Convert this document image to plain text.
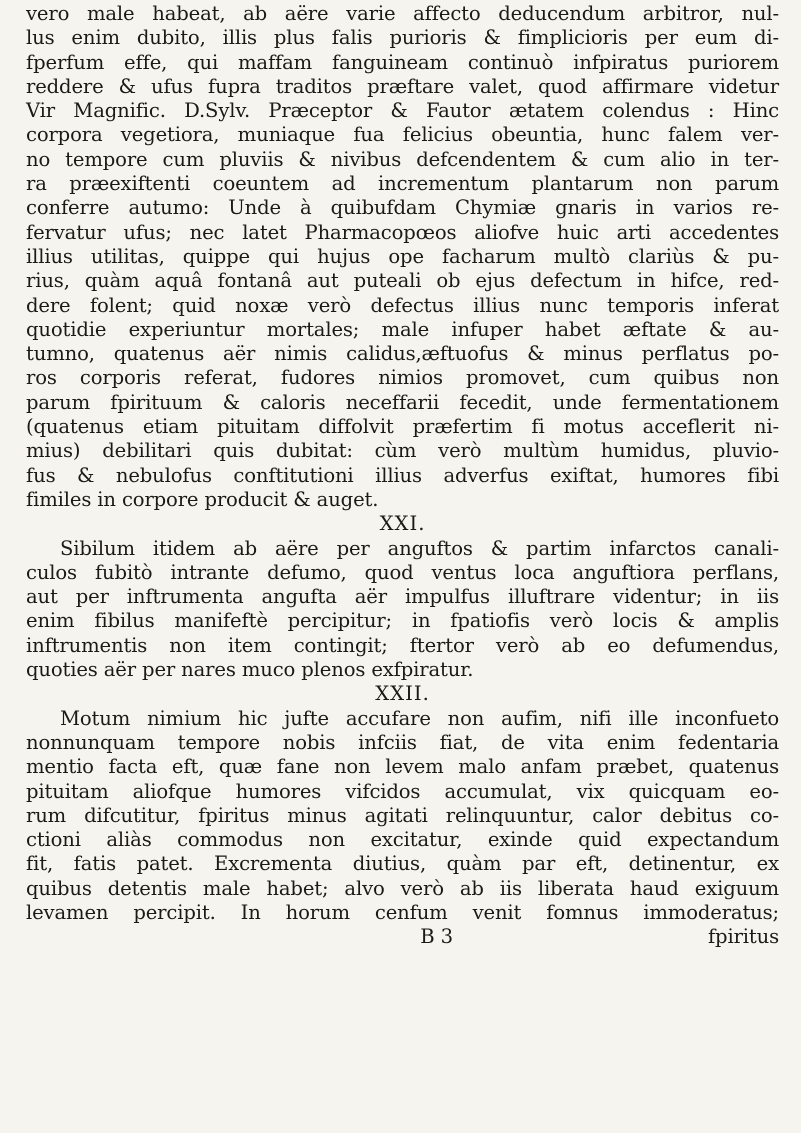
vero male habeat, ab aëre varie affecto deducendum arbitror, nul-
lus enim dubito, illis plus falis purioris & fimplicioris per eum di-
fperfum effe, qui maffam fanguineam continuò infpiratus puriorem
reddere & ufus fupra traditos præftare valet, quod affirmare videtur
Vir Magnific. D.Sylv. Præceptor & Fautor ætatem colendus : Hinc
corpora vegetiora, muniaque fua felicius obeuntia, hunc falem ver-
no tempore cum pluviis & nivibus defcendentem & cum alio in ter-
ra præexiftenti coeuntem ad incrementum plantarum non parum
conferre autumo: Unde à quibufdam Chymiæ gnaris in varios re-
fervatur ufus; nec latet Pharmacopœos aliofve huic arti accedentes
illius utilitas, quippe qui hujus ope facharum multò clariùs & pu-
rius, quàm aquâ fontanâ aut puteali ob ejus defectum in hifce, red-
dere folent; quid noxæ verò defectus illius nunc temporis inferat
quotidie experiuntur mortales; male infuper habet æftate & au-
tumno, quatenus aër nimis calidus,æftuofus & minus perflatus po-
ros corporis referat, fudores nimios promovet, cum quibus non
parum fpirituum & caloris neceffarii fecedit, unde fermentationem
(quatenus etiam pituitam diffolvit præfertim fi motus acceflerit ni-
mius) debilitari quis dubitat: cùm verò multùm humidus, pluvio-
fus & nebulofus conftitutioni illius adverfus exiftat, humores fibi
fimiles in corpore producit & auget.
XXI.
Sibilum itidem ab aëre per anguftos & partim infarctos canali-
culos fubitò intrante defumo, quod ventus loca anguftiora perflans,
aut per inftrumenta angufta aër impulfus illuftrare videntur; in iis
enim fibilus manifeftè percipitur; in fpatiofis verò locis & amplis
inftrumentis non item contingit; ftertor verò ab eo defumendus,
quoties aër per nares muco plenos exfpiratur.
XXII.
Motum nimium hic jufte accufare non aufim, nifi ille inconfueto
nonnunquam tempore nobis infciis fiat, de vita enim fedentaria
mentio facta eft, quæ fane non levem malo anfam præbet, quatenus
pituitam aliofque humores vifcidos accumulat, vix quicquam eo-
rum difcutitur, fpiritus minus agitati relinquuntur, calor debitus co-
ctioni aliàs commodus non excitatur, exinde quid expectandum
fit, fatis patet. Excrementa diutius, quàm par eft, detinentur, ex
quibus detentis male habet; alvo verò ab iis liberata haud exiguum
levamen percipit. In horum cenfum venit fomnus immoderatus;
B 3	fpiritus
